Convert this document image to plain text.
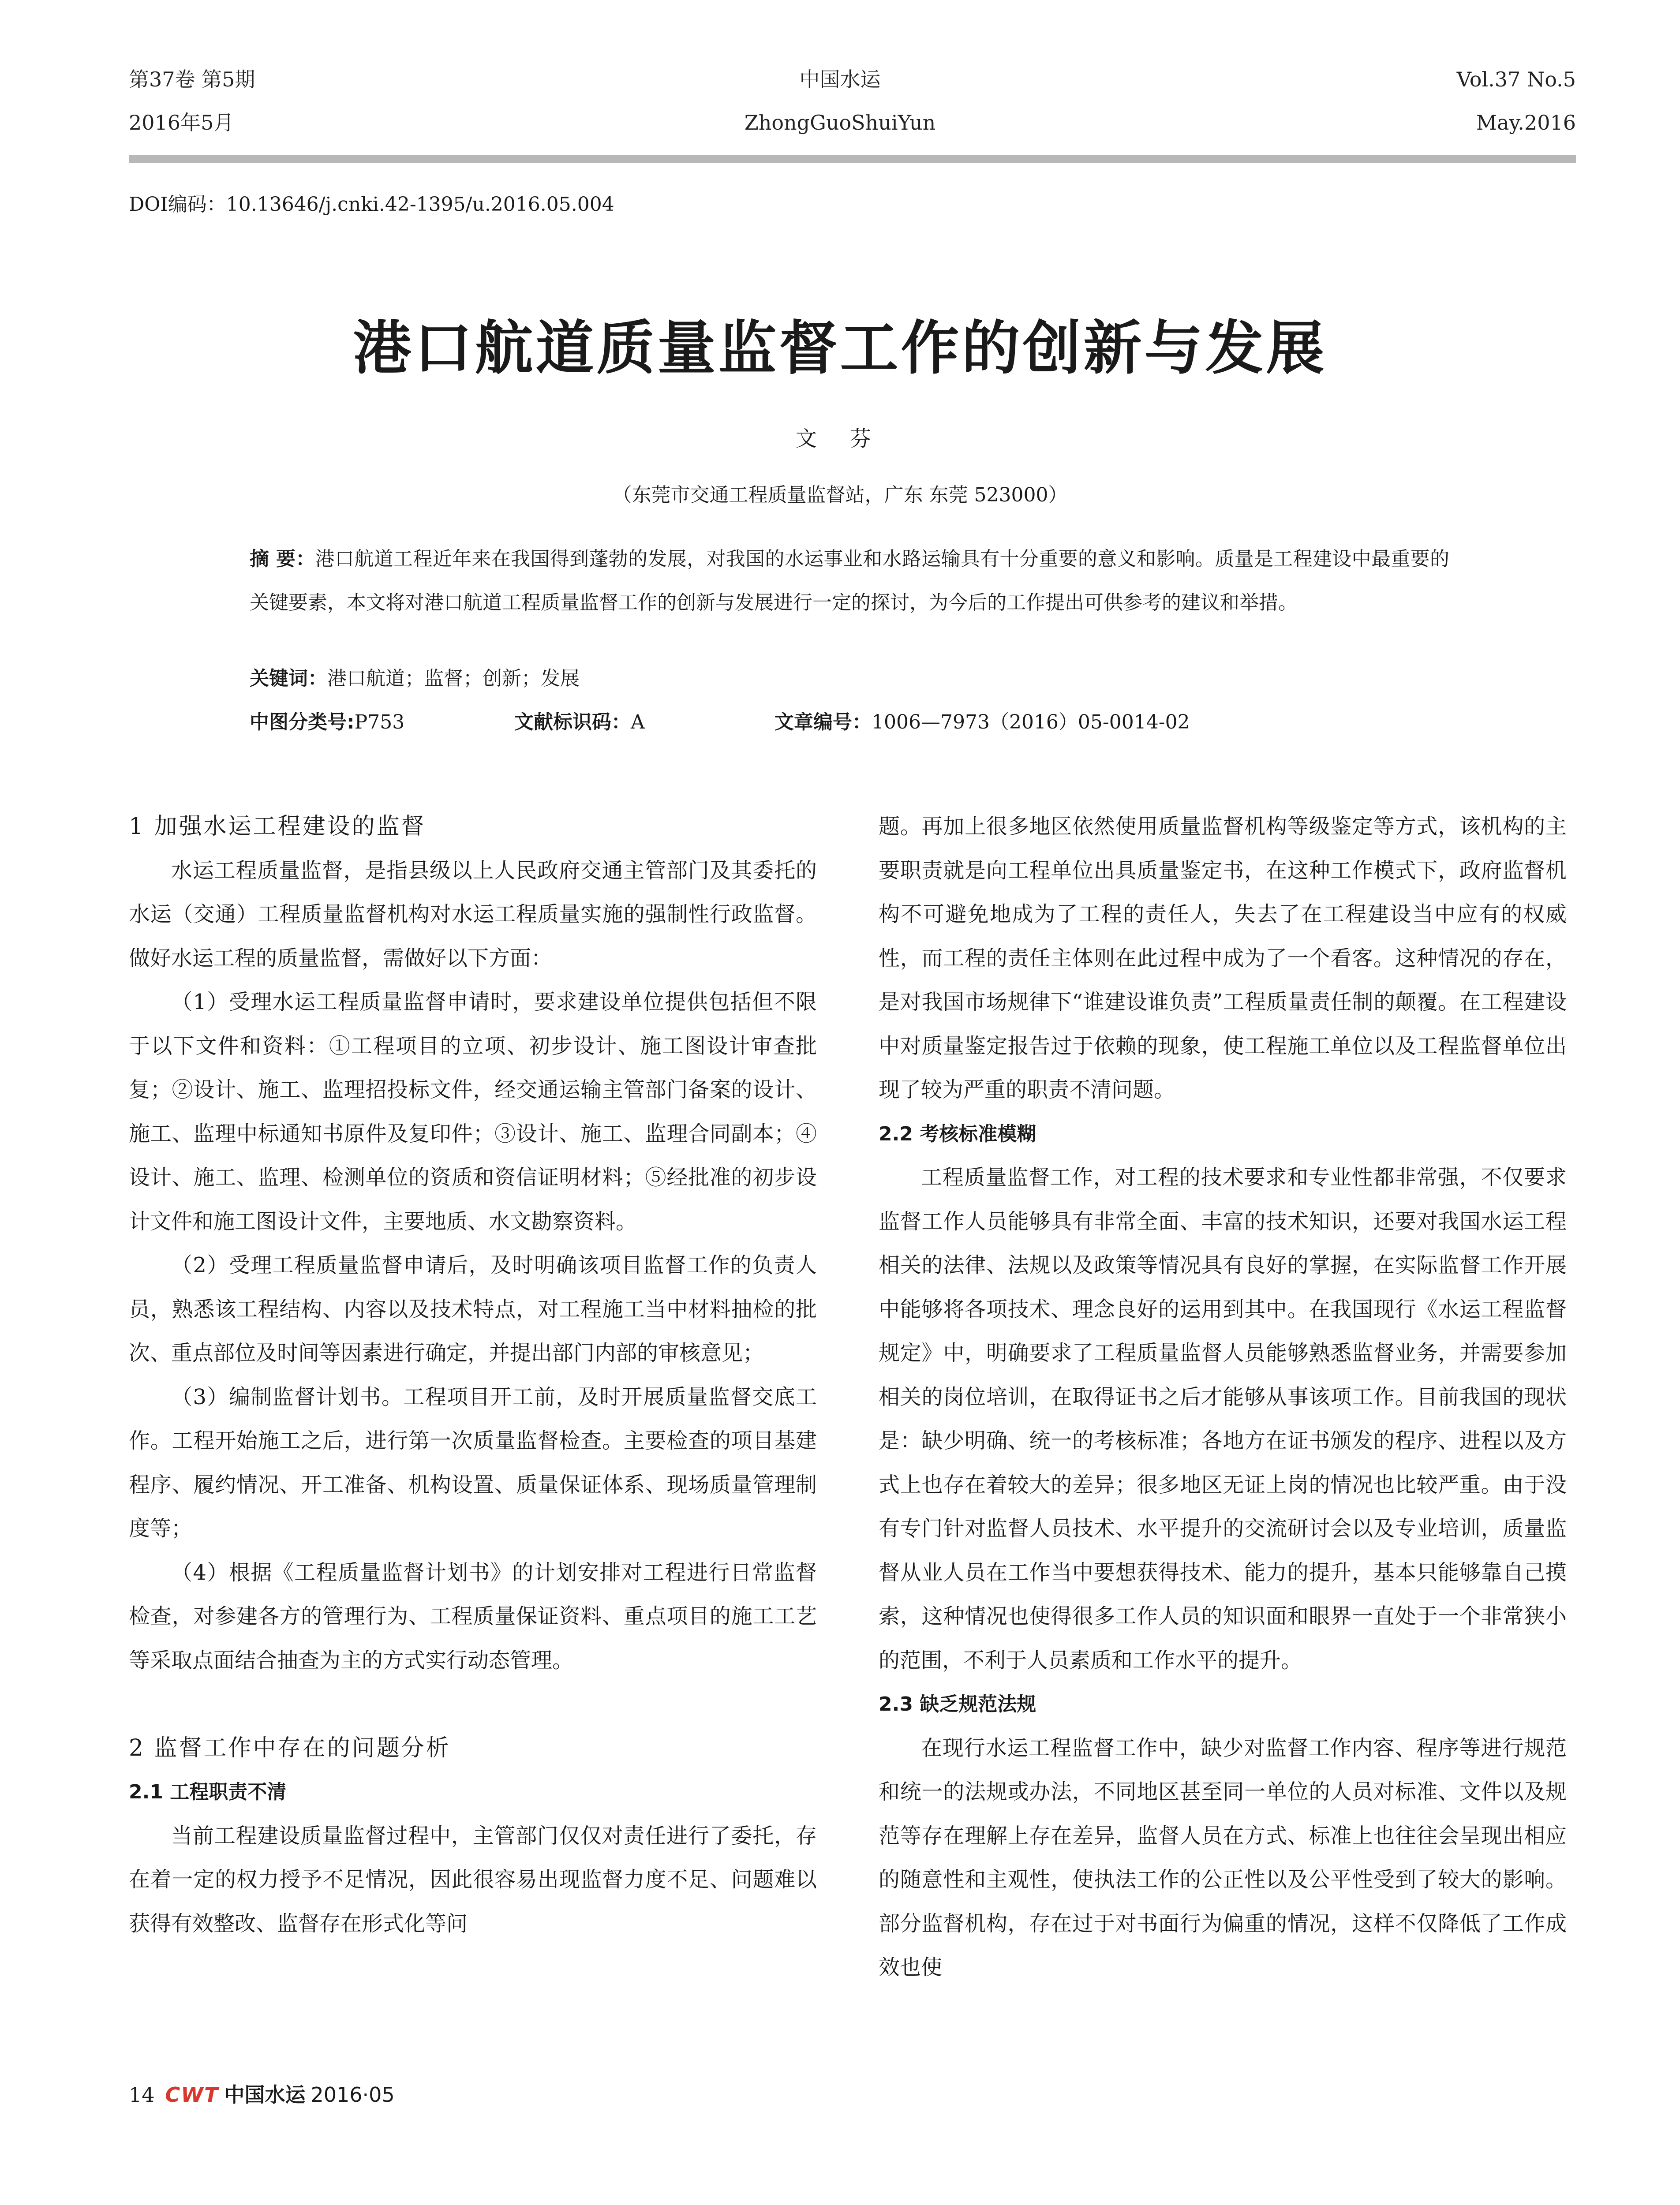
第37卷 第5期
2016年5月
中国水运
ZhongGuoShuiYun
Vol.37 No.5
May.2016
DOI编码：10.13646/j.cnki.42-1395/u.2016.05.004
港口航道质量监督工作的创新与发展
文 芬
（东莞市交通工程质量监督站，广东 东莞 523000）
摘 要：港口航道工程近年来在我国得到蓬勃的发展，对我国的水运事业和水路运输具有十分重要的意义和影响。质量是工程建设中最重要的关键要素，本文将对港口航道工程质量监督工作的创新与发展进行一定的探讨，为今后的工作提出可供参考的建议和举措。
关键词：港口航道；监督；创新；发展
中图分类号:P753	文献标识码：A	文章编号：1006—7973（2016）05-0014-02
1 加强水运工程建设的监督

水运工程质量监督，是指县级以上人民政府交通主管部门及其委托的水运（交通）工程质量监督机构对水运工程质量实施的强制性行政监督。做好水运工程的质量监督，需做好以下方面：

（1）受理水运工程质量监督申请时，要求建设单位提供包括但不限于以下文件和资料：①工程项目的立项、初步设计、施工图设计审查批复；②设计、施工、监理招投标文件，经交通运输主管部门备案的设计、施工、监理中标通知书原件及复印件；③设计、施工、监理合同副本；④设计、施工、监理、检测单位的资质和资信证明材料；⑤经批准的初步设计文件和施工图设计文件，主要地质、水文勘察资料。

（2）受理工程质量监督申请后，及时明确该项目监督工作的负责人员，熟悉该工程结构、内容以及技术特点，对工程施工当中材料抽检的批次、重点部位及时间等因素进行确定，并提出部门内部的审核意见；

（3）编制监督计划书。工程项目开工前，及时开展质量监督交底工作。工程开始施工之后，进行第一次质量监督检查。主要检查的项目基建程序、履约情况、开工准备、机构设置、质量保证体系、现场质量管理制度等；

（4）根据《工程质量监督计划书》的计划安排对工程进行日常监督检查，对参建各方的管理行为、工程质量保证资料、重点项目的施工工艺等采取点面结合抽查为主的方式实行动态管理。

2 监督工作中存在的问题分析
2.1 工程职责不清

当前工程建设质量监督过程中，主管部门仅仅对责任进行了委托，存在着一定的权力授予不足情况，因此很容易出现监督力度不足、问题难以获得有效整改、监督存在形式化等问

题。再加上很多地区依然使用质量监督机构等级鉴定等方式，该机构的主要职责就是向工程单位出具质量鉴定书，在这种工作模式下，政府监督机构不可避免地成为了工程的责任人，失去了在工程建设当中应有的权威性，而工程的责任主体则在此过程中成为了一个看客。这种情况的存在，是对我国市场规律下“谁建设谁负责”工程质量责任制的颠覆。在工程建设中对质量鉴定报告过于依赖的现象，使工程施工单位以及工程监督单位出现了较为严重的职责不清问题。

2.2 考核标准模糊

工程质量监督工作，对工程的技术要求和专业性都非常强，不仅要求监督工作人员能够具有非常全面、丰富的技术知识，还要对我国水运工程相关的法律、法规以及政策等情况具有良好的掌握，在实际监督工作开展中能够将各项技术、理念良好的运用到其中。在我国现行《水运工程监督规定》中，明确要求了工程质量监督人员能够熟悉监督业务，并需要参加相关的岗位培训，在取得证书之后才能够从事该项工作。目前我国的现状是：缺少明确、统一的考核标准；各地方在证书颁发的程序、进程以及方式上也存在着较大的差异；很多地区无证上岗的情况也比较严重。由于没有专门针对监督人员技术、水平提升的交流研讨会以及专业培训，质量监督从业人员在工作当中要想获得技术、能力的提升，基本只能够靠自己摸索，这种情况也使得很多工作人员的知识面和眼界一直处于一个非常狭小的范围，不利于人员素质和工作水平的提升。

2.3 缺乏规范法规

在现行水运工程监督工作中，缺少对监督工作内容、程序等进行规范和统一的法规或办法，不同地区甚至同一单位的人员对标准、文件以及规范等存在理解上存在差异，监督人员在方式、标准上也往往会呈现出相应的随意性和主观性，使执法工作的公正性以及公平性受到了较大的影响。部分监督机构，存在过于对书面行为偏重的情况，这样不仅降低了工作成效也使

14 CWT 中国水运 2016·05
